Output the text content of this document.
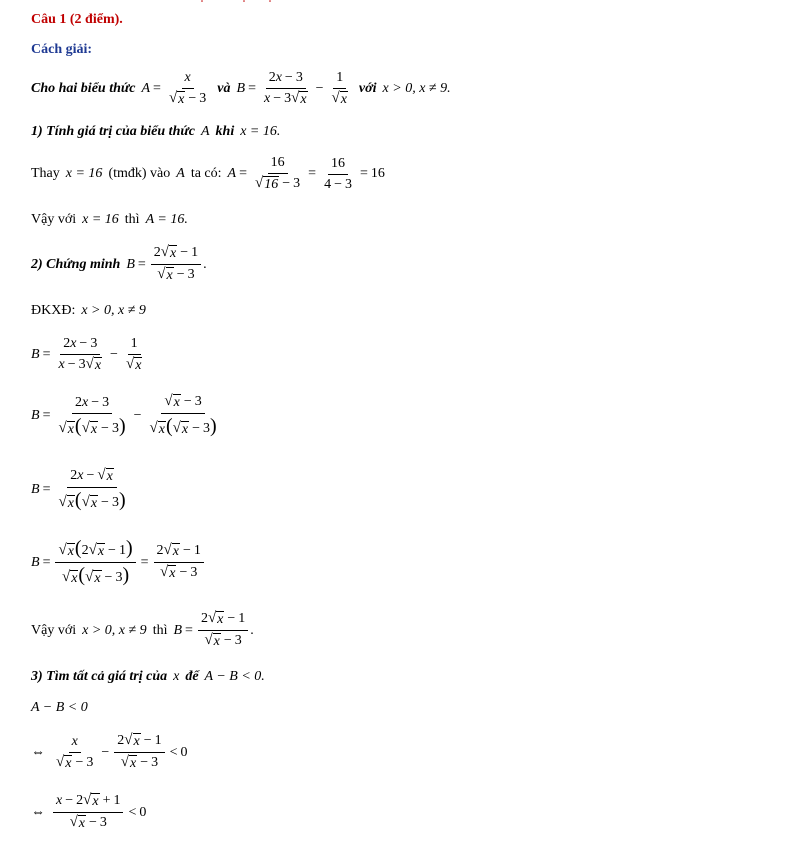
Câu 1 (2 điểm).
Cách giải:
Cho hai biểu thức $A = \frac{x}{√ x - 3}$ và $B = \frac{2x - 3}{x - 3 √ x} - \frac{1}{√ x}$ với x > 0, x ≠ 9.
1) Tính giá trị của biểu thức A khi x = 16.
Thay x = 16 (tmđk) vào A ta có: $A = \frac{16}{√ 16 - 3} = \frac{16}{4 - 3} = 16$
Vậy với x = 16 thì A = 16.
2) Chứng minh $B = \frac{2 √ x - 1}{√ x - 3}$ .
ĐKXĐ: x > 0, x ≠ 9
$B = \frac{2x - 3}{x - 3 √ x} - \frac{1}{√ x}$
$B = \frac{2x - 3}{√ x ( √ x - 3)} - \frac{√ x - 3}{√ x ( √ x - 3)}$
$B = \frac{2x - √ x}{√ x ( √ x - 3)}$
$B = \frac{√ x (2 √ x - 1)}{√ x ( √ x - 3)} = \frac{2 √ x - 1}{√ x - 3}$
Vậy với x > 0, x ≠ 9 thì $B = \frac{2 √ x - 1}{√ x - 3}$ .
3) Tìm tất cả giá trị của x để A − B < 0.
A − B < 0
⇔ $\frac{x}{√ x - 3} - \frac{2 √ x - 1}{√ x - 3} < 0$
⇔ $\frac{x - 2 √ x + 1}{√ x - 3} < 0$
